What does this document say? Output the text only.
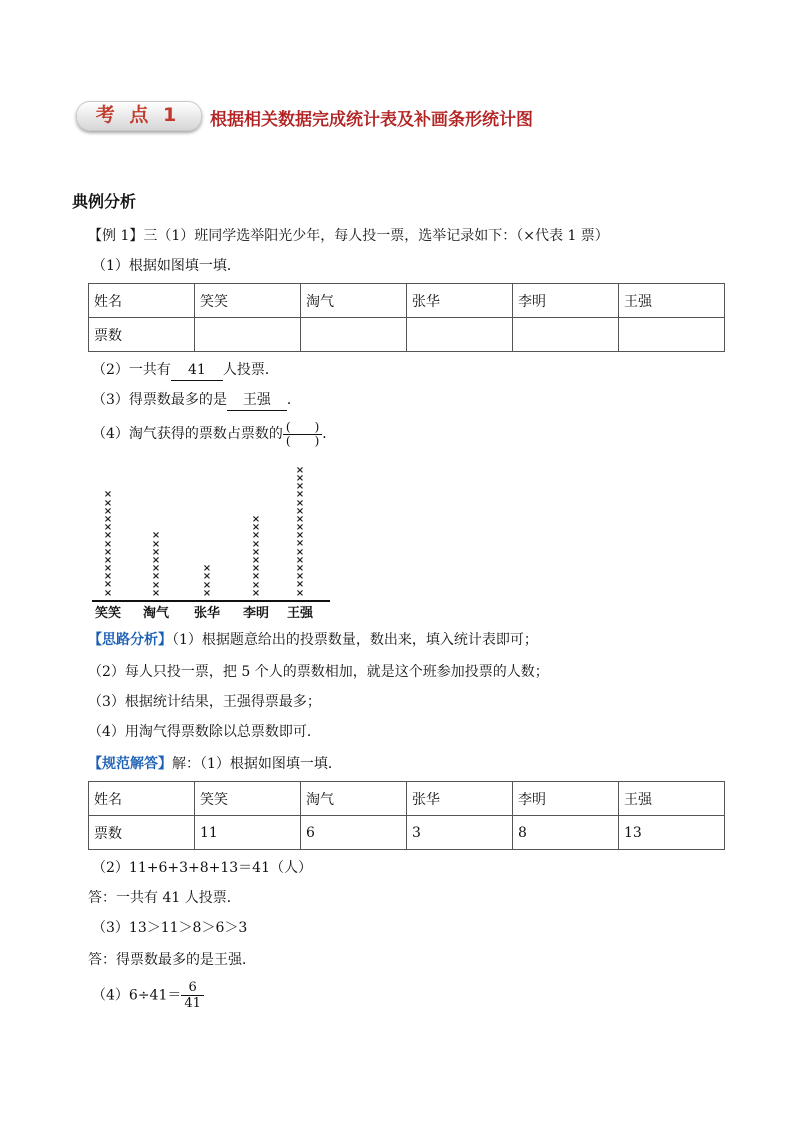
考 点 1	根据相关数据完成统计表及补画条形统计图
典例分析
【例 1】三（1）班同学选举阳光少年，每人投一票，选举记录如下：（×代表 1 票）
（1）根据如图填一填．
姓名	笑笑	淘气	张华	李明	王强
票数					
（2）一共有 41 人投票．
（3）得票数最多的是 王强 ．
（4）淘气获得的票数占票数的 $\frac{( )}{( )}$ ．
×
×
×
×
×
×
×
×
×
×
×
×
×
笑笑
×
×
×
×
×
×
×
×
淘气
×
×
×
×
张华
×
×
×
×
×
×
×
×
×
×
李明
×
×
×
×
×
×
×
×
×
×
×
×
×
×
×
×
王强
【思路分析】（1）根据题意给出的投票数量，数出来，填入统计表即可；
（2）每人只投一票，把 5 个人的票数相加，就是这个班参加投票的人数；
（3）根据统计结果，王强得票最多；
（4）用淘气得票数除以总票数即可．
【规范解答】解：（1）根据如图填一填．
姓名	笑笑	淘气	张华	李明	王强
票数	11	6	3	8	13
（2）11+6+3+8+13＝41（人）
答：一共有 41 人投票．
（3）13＞11＞8＞6＞3
答：得票数最多的是王强．
$(4)6\div 41= \frac{6}{41}$
